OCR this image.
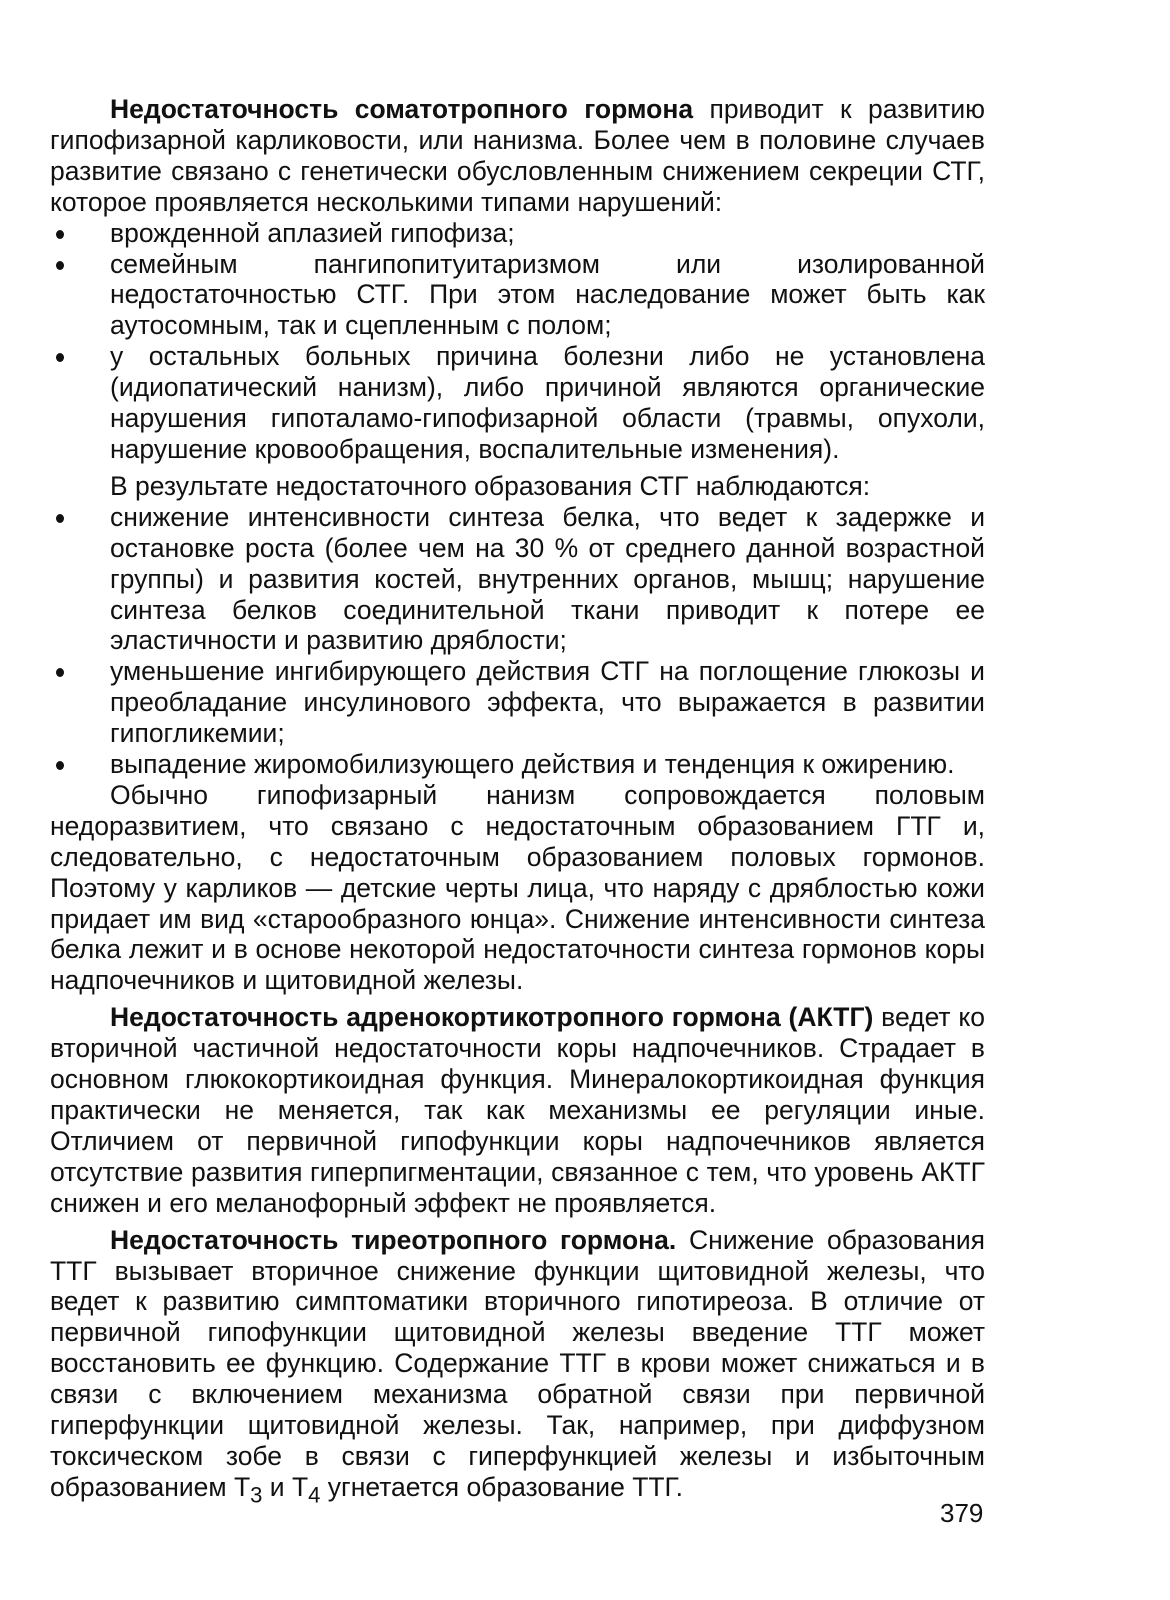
Недостаточность соматотропного гормона приводит к развитию гипофизарной карликовости, или нанизма. Более чем в половине случаев развитие связано с генетически обусловленным снижением секреции СТГ, которое проявляется несколькими типами нарушений:

врожденной аплазией гипофиза;
семейным пангипопитуитаризмом или изолированной недостаточностью СТГ. При этом наследование может быть как аутосомным, так и сцепленным с полом;
у остальных больных причина болезни либо не установлена (идиопатический нанизм), либо причиной являются органические нарушения гипоталамо-гипофизарной области (травмы, опухоли, нарушение кровообращения, воспалительные изменения).

В результате недостаточного образования СТГ наблюдаются:

снижение интенсивности синтеза белка, что ведет к задержке и остановке роста (более чем на 30 % от среднего данной возрастной группы) и развития костей, внутренних органов, мышц; нарушение синтеза белков соединительной ткани приводит к потере ее эластичности и развитию дряблости;
уменьшение ингибирующего действия СТГ на поглощение глюкозы и преобладание инсулинового эффекта, что выражается в развитии гипогликемии;
выпадение жиромобилизующего действия и тенденция к ожирению.

Обычно гипофизарный нанизм сопровождается половым недоразвитием, что связано с недостаточным образованием ГТГ и, следовательно, с недостаточным образованием половых гормонов. Поэтому у карликов — детские черты лица, что наряду с дряблостью кожи придает им вид «старообразного юнца». Снижение интенсивности синтеза белка лежит и в основе некоторой недостаточности синтеза гормонов коры надпочечников и щитовидной железы.

Недостаточность адренокортикотропного гормона (АКТГ) ведет ко вторичной частичной недостаточности коры надпочечников. Страдает в основном глюкокортикоидная функция. Минералокортикоидная функция практически не меняется, так как механизмы ее регуляции иные. Отличием от первичной гипофункции коры надпочечников является отсутствие развития гиперпигментации, связанное с тем, что уровень АКТГ снижен и его меланофорный эффект не проявляется.

Недостаточность тиреотропного гормона. Снижение образования ТТГ вызывает вторичное снижение функции щитовидной железы, что ведет к развитию симптоматики вторичного гипотиреоза. В отличие от первичной гипофункции щитовидной железы введение ТТГ может восстановить ее функцию. Содержание ТТГ в крови может снижаться и в связи с включением механизма обратной связи при первичной гиперфункции щитовидной железы. Так, например, при диффузном токсическом зобе в связи с гиперфункцией железы и избыточным образованием $Т_3$ и $Т_4$ угнетается образование ТТГ.

379
